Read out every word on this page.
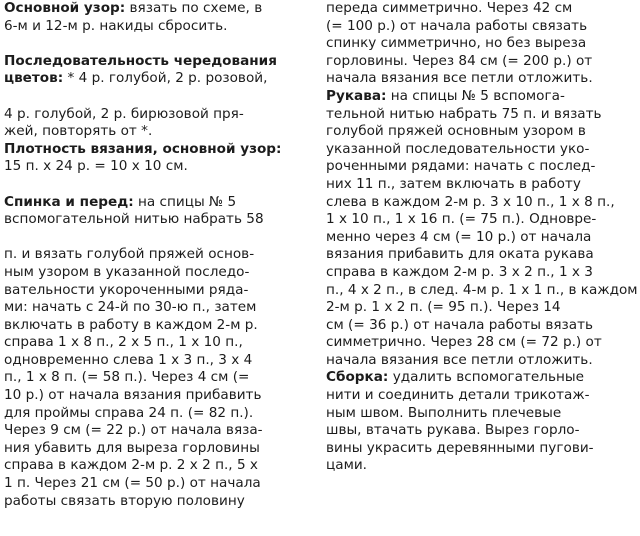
Основной узор: вязать по схеме, в
6-м и 12-м р. накиды сбросить.
Последовательность чередования
цветов: * 4 р. голубой, 2 р. розовой,
4 р. голубой, 2 р. бирюзовой пря-
жей, повторять от *.
Плотность вязания, основной узор:
15 п. х 24 р. = 10 х 10 см.
Спинка и перед: на спицы № 5
вспомогательной нитью набрать 58
п. и вязать голубой пряжей основ-
ным узором в указанной последо-
вательности укороченными ряда-
ми: начать с 24-й по 30-ю п., затем
включать в работу в каждом 2-м р.
справа 1 х 8 п., 2 х 5 п., 1 х 10 п.,
одновременно слева 1 х 3 п., 3 х 4
п., 1 х 8 п. (= 58 п.). Через 4 см (=
10 р.) от начала вязания прибавить
для проймы справа 24 п. (= 82 п.).
Через 9 см (= 22 р.) от начала вяза-
ния убавить для выреза горловины
справа в каждом 2-м р. 2 х 2 п., 5 х
1 п. Через 21 см (= 50 р.) от начала
работы связать вторую половину
переда симметрично. Через 42 см
(= 100 р.) от начала работы связать
спинку симметрично, но без выреза
горловины. Через 84 см (= 200 р.) от
начала вязания все петли отложить.
Рукава: на спицы № 5 вспомога-
тельной нитью набрать 75 п. и вязать
голубой пряжей основным узором в
указанной последовательности уко-
роченными рядами: начать с послед-
них 11 п., затем включать в работу
слева в каждом 2-м р. 3 х 10 п., 1 х 8 п.,
1 х 10 п., 1 х 16 п. (= 75 п.). Одновре-
менно через 4 см (= 10 р.) от начала
вязания прибавить для оката рукава
справа в каждом 2-м р. 3 х 2 п., 1 х 3
п., 4 х 2 п., в след. 4-м р. 1 х 1 п., в каждом
2-м р. 1 х 2 п. (= 95 п.). Через 14
см (= 36 р.) от начала работы вязать
симметрично. Через 28 см (= 72 р.) от
начала вязания все петли отложить.
Сборка: удалить вспомогательные
нити и соединить детали трикотаж-
ным швом. Выполнить плечевые
швы, втачать рукава. Вырез горло-
вины украсить деревянными пугови-
цами.
